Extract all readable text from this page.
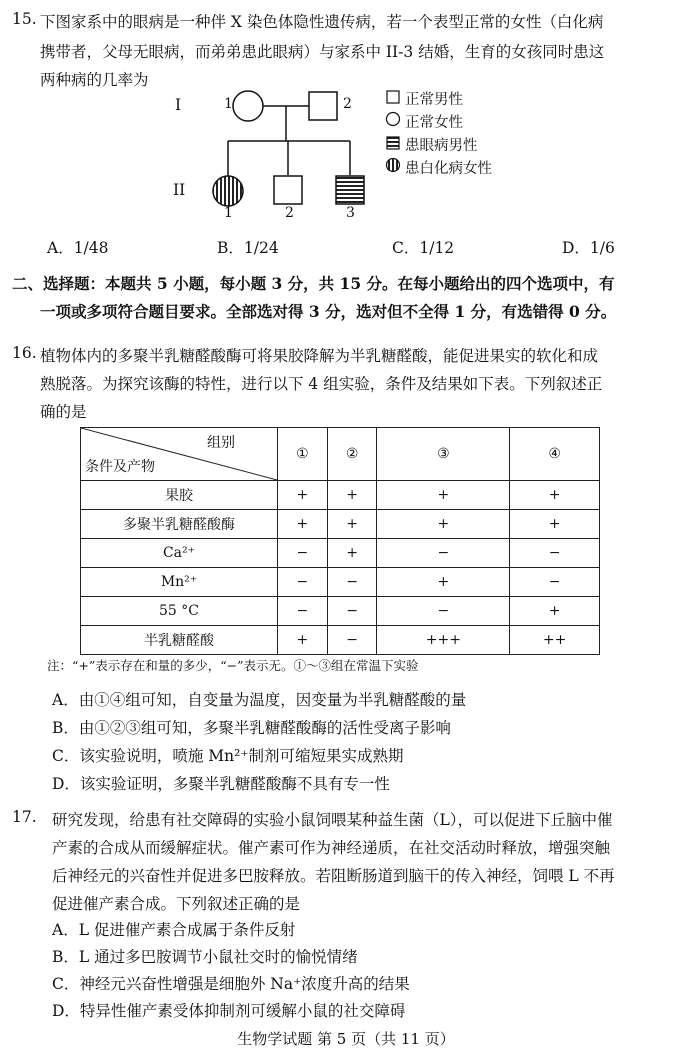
15. 下图家系中的眼病是一种伴 X 染色体隐性遗传病，若一个表型正常的女性（白化病
携带者，父母无眼病，而弟弟患此眼病）与家系中 II-3 结婚，生育的女孩同时患这
两种病的几率为
I
II
1	2
1	2	3
正常男性
正常女性
患眼病男性
患白化病女性
A．1/48	B．1/24	C．1/12	D．1/6
二、选择题：本题共 5 小题，每小题 3 分，共 15 分。在每小题给出的四个选项中，有
一项或多项符合题目要求。全部选对得 3 分，选对但不全得 1 分，有选错得 0 分。
16. 植物体内的多聚半乳糖醛酸酶可将果胶降解为半乳糖醛酸，能促进果实的软化和成
熟脱落。为探究该酶的特性，进行以下 4 组实验，条件及结果如下表。下列叙述正
确的是
组别
条件及产物	①	②	③	④
果胶	+	+	+	+
多聚半乳糖醛酸酶	+	+	+	+
Ca²⁺	−	+	−	−
Mn²⁺	−	−	+	−
55 °C	−	−	−	+
半乳糖醛酸	+	−	+++	++
注：“+”表示存在和量的多少，“−”表示无。①～③组在常温下实验
A．由①④组可知，自变量为温度，因变量为半乳糖醛酸的量
B．由①②③组可知，多聚半乳糖醛酸酶的活性受离子影响
C．该实验说明，喷施 Mn²⁺制剂可缩短果实成熟期
D．该实验证明，多聚半乳糖醛酸酶不具有专一性
17. 研究发现，给患有社交障碍的实验小鼠饲喂某种益生菌（L），可以促进下丘脑中催
产素的合成从而缓解症状。催产素可作为神经递质，在社交活动时释放，增强突触
后神经元的兴奋性并促进多巴胺释放。若阻断肠道到脑干的传入神经，饲喂 L 不再
促进催产素合成。下列叙述正确的是
A．L 促进催产素合成属于条件反射
B．L 通过多巴胺调节小鼠社交时的愉悦情绪
C．神经元兴奋性增强是细胞外 Na⁺浓度升高的结果
D．特异性催产素受体抑制剂可缓解小鼠的社交障碍
生物学试题 第 5 页（共 11 页）
